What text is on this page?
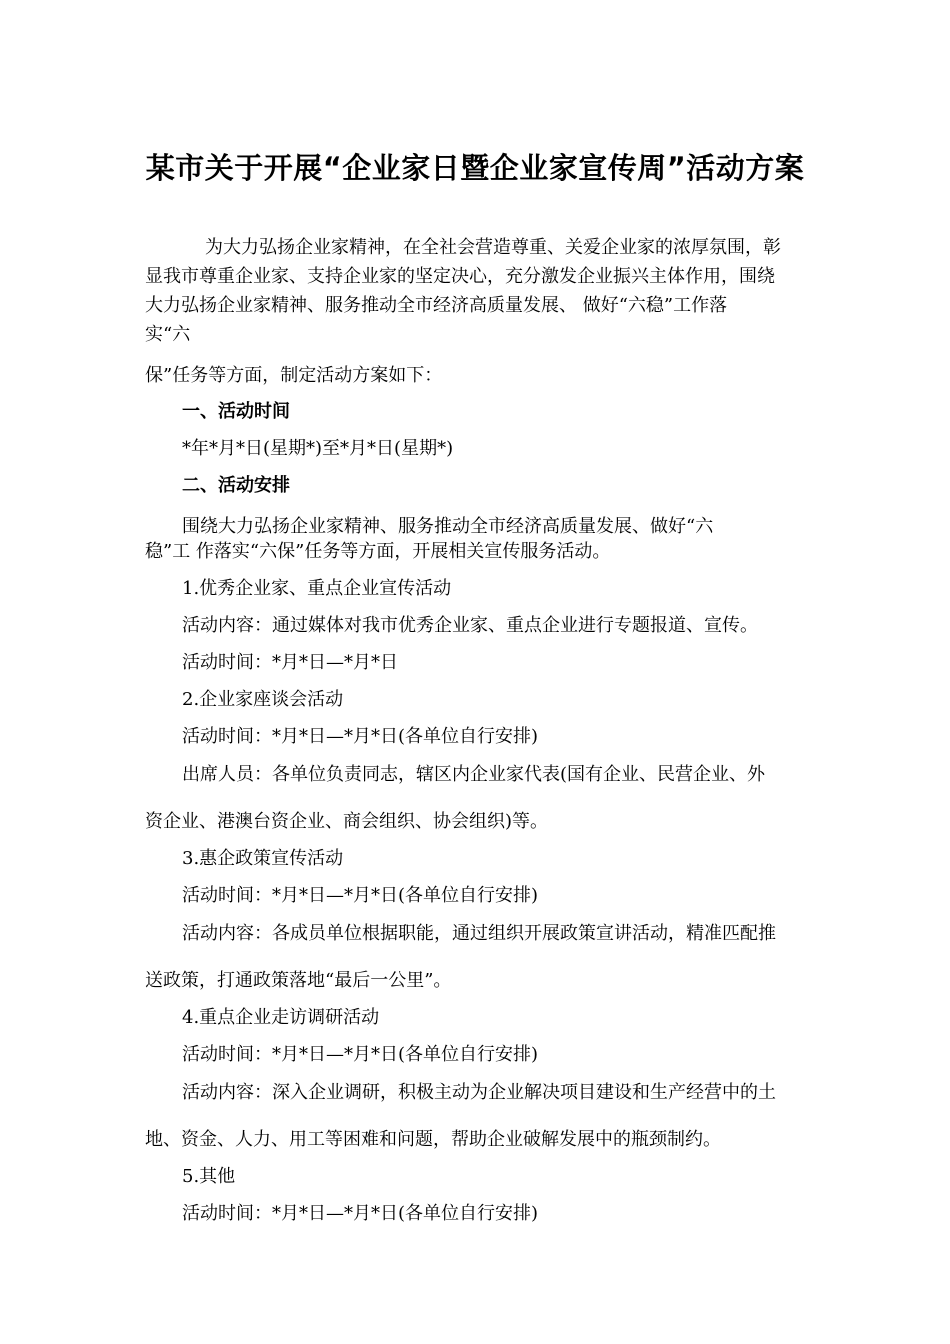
某市关于开展“企业家日暨企业家宣传周”活动方案
为大力弘扬企业家精神，在全社会营造尊重、关爱企业家的浓厚氛围，彰
显我市尊重企业家、支持企业家的坚定决心，充分激发企业振兴主体作用，围绕
大力弘扬企业家精神、服务推动全市经济高质量发展、 做好“六稳”工作落
实“六
保”任务等方面，制定活动方案如下：
一、活动时间
*年*月*日(星期*)至*月*日(星期*)
二、活动安排
围绕大力弘扬企业家精神、服务推动全市经济高质量发展、做好“六
稳”工 作落实“六保”任务等方面，开展相关宣传服务活动。
1.优秀企业家、重点企业宣传活动
活动内容：通过媒体对我市优秀企业家、重点企业进行专题报道、宣传。
活动时间：*月*日—*月*日
2.企业家座谈会活动
活动时间：*月*日—*月*日(各单位自行安排)
出席人员：各单位负责同志，辖区内企业家代表(国有企业、民营企业、外
资企业、港澳台资企业、商会组织、协会组织)等。
3.惠企政策宣传活动
活动时间：*月*日—*月*日(各单位自行安排)
活动内容：各成员单位根据职能，通过组织开展政策宣讲活动，精准匹配推
送政策，打通政策落地“最后一公里”。
4.重点企业走访调研活动
活动时间：*月*日—*月*日(各单位自行安排)
活动内容：深入企业调研，积极主动为企业解决项目建设和生产经营中的土
地、资金、人力、用工等困难和问题，帮助企业破解发展中的瓶颈制约。
5.其他
活动时间：*月*日—*月*日(各单位自行安排)
